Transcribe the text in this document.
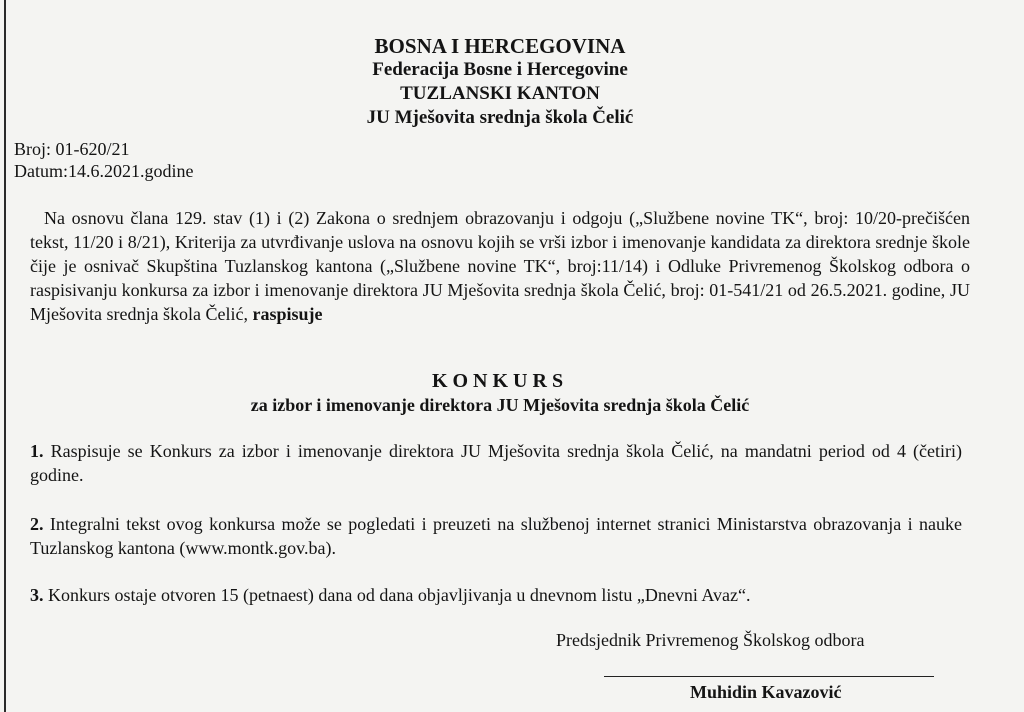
BOSNA I HERCEGOVINA
Federacija Bosne i Hercegovine
TUZLANSKI KANTON
JU Mješovita srednja škola Čelić
Broj: 01-620/21
Datum:14.6.2021.godine
Na osnovu člana 129. stav (1) i (2) Zakona o srednjem obrazovanju i odgoju („Službene novine TK“, broj: 10/20-prečišćen tekst, 11/20 i 8/21), Kriterija za utvrđivanje uslova na osnovu kojih se vrši izbor i imenovanje kandidata za direktora srednje škole čije je osnivač Skupština Tuzlanskog kantona („Službene novine TK“, broj:11/14) i Odluke Privremenog Školskog odbora o raspisivanju konkursa za izbor i imenovanje direktora JU Mješovita srednja škola Čelić, broj: 01-541/21 od 26.5.2021. godine, JU Mješovita srednja škola Čelić, raspisuje
KONKURS
za izbor i imenovanje direktora JU Mješovita srednja škola Čelić
1. Raspisuje se Konkurs za izbor i imenovanje direktora JU Mješovita srednja škola Čelić, na mandatni period od 4 (četiri) godine.
2. Integralni tekst ovog konkursa može se pogledati i preuzeti na službenoj internet stranici Ministarstva obrazovanja i nauke Tuzlanskog kantona (www.montk.gov.ba).
3. Konkurs ostaje otvoren 15 (petnaest) dana od dana objavljivanja u dnevnom listu „Dnevni Avaz“.
Predsjednik Privremenog Školskog odbora
Muhidin Kavazović
